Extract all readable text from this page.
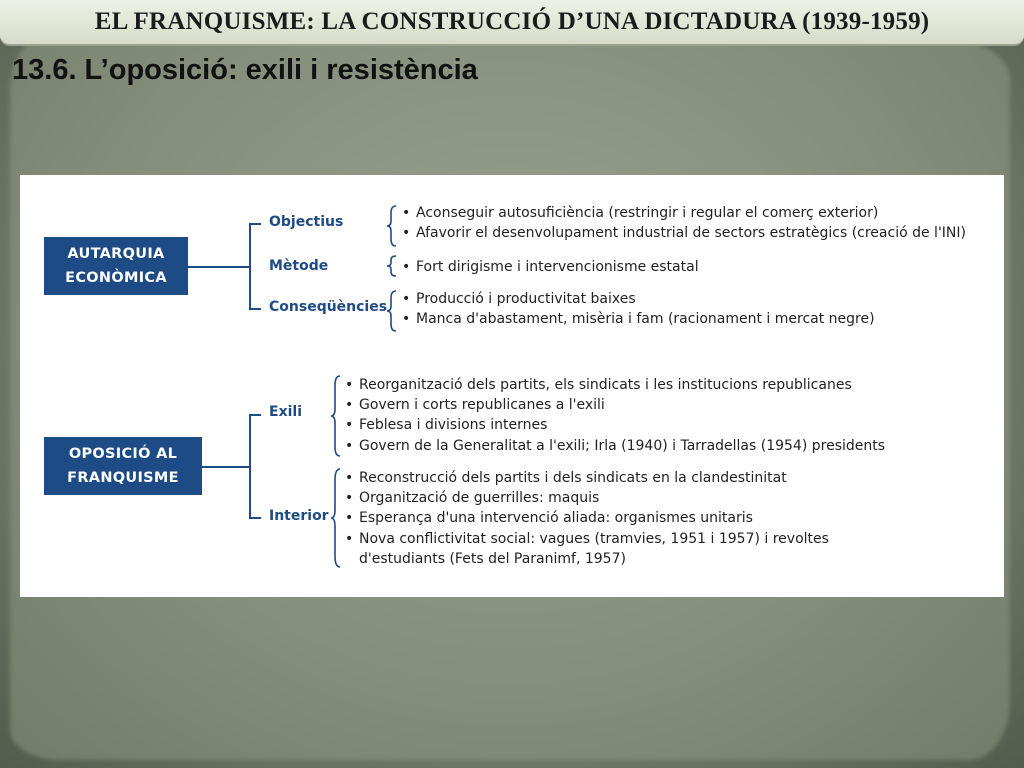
EL FRANQUISME: LA CONSTRUCCIÓ D’UNA DICTADURA (1939-1959)
13.6. L’oposició: exili i resistència
AUTARQUIA
ECONÒMICA
Objectius
Mètode
Conseqüències
• Aconseguir autosuficiència (restringir i regular el comerç exterior)
• Afavorir el desenvolupament industrial de sectors estratègics (creació de l'INI)
• Fort dirigisme i intervencionisme estatal
• Producció i productivitat baixes
• Manca d'abastament, misèria i fam (racionament i mercat negre)
OPOSICIÓ AL
FRANQUISME
Exili
Interior
• Reorganització dels partits, els sindicats i les institucions republicanes
• Govern i corts republicanes a l'exili
• Feblesa i divisions internes
• Govern de la Generalitat a l'exili; Irla (1940) i Tarradellas (1954) presidents
• Reconstrucció dels partits i dels sindicats en la clandestinitat
• Organització de guerrilles: maquis
• Esperança d'una intervenció aliada: organismes unitaris
• Nova conflictivitat social: vagues (tramvies, 1951 i 1957) i revoltes
d'estudiants (Fets del Paranimf, 1957)
